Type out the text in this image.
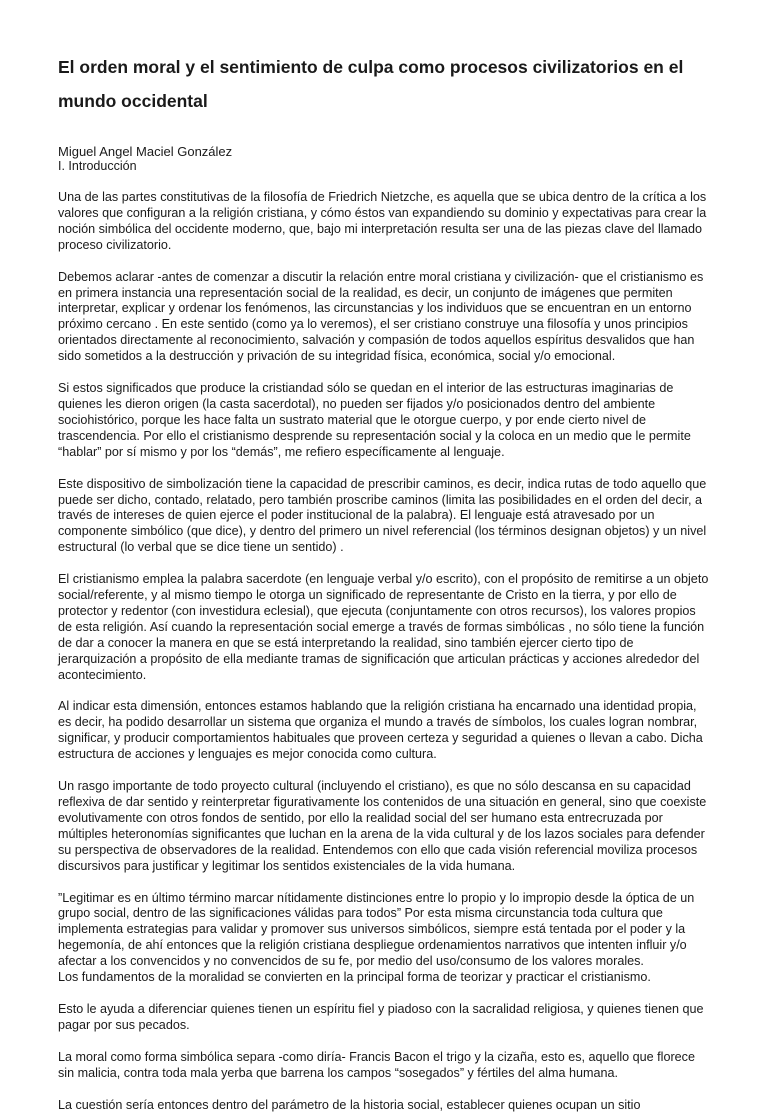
El orden moral y el sentimiento de culpa como procesos civilizatorios en el mundo occidental

Miguel Angel Maciel González

I. Introducción

Una de las partes constitutivas de la filosofía de Friedrich Nietzche, es aquella que se ubica dentro de la crítica a los valores que configuran a la religión cristiana, y cómo éstos van expandiendo su dominio y expectativas para crear la noción simbólica del occidente moderno, que, bajo mi interpretación resulta ser una de las piezas clave del llamado proceso civilizatorio.

Debemos aclarar -antes de comenzar a discutir la relación entre moral cristiana y civilización- que el cristianismo es en primera instancia una representación social de la realidad, es decir, un conjunto de imágenes que permiten interpretar, explicar y ordenar los fenómenos, las circunstancias y los individuos que se encuentran en un entorno próximo cercano . En este sentido (como ya lo veremos), el ser cristiano construye una filosofía y unos principios orientados directamente al reconocimiento, salvación y compasión de todos aquellos espíritus desvalidos que han sido sometidos a la destrucción y privación de su integridad física, económica, social y/o emocional.

Si estos significados que produce la cristiandad sólo se quedan en el interior de las estructuras imaginarias de quienes les dieron origen (la casta sacerdotal), no pueden ser fijados y/o posicionados dentro del ambiente sociohistórico, porque les hace falta un sustrato material que le otorgue cuerpo, y por ende cierto nivel de trascendencia. Por ello el cristianismo desprende su representación social y la coloca en un medio que le permite “hablar” por sí mismo y por los “demás”, me refiero específicamente al lenguaje.

Este dispositivo de simbolización tiene la capacidad de prescribir caminos, es decir, indica rutas de todo aquello que puede ser dicho, contado, relatado, pero también proscribe caminos (limita las posibilidades en el orden del decir, a través de intereses de quien ejerce el poder institucional de la palabra). El lenguaje está atravesado por un componente simbólico (que dice), y dentro del primero un nivel referencial (los términos designan objetos) y un nivel estructural (lo verbal que se dice tiene un sentido) .

El cristianismo emplea la palabra sacerdote (en lenguaje verbal y/o escrito), con el propósito de remitirse a un objeto social/referente, y al mismo tiempo le otorga un significado de representante de Cristo en la tierra, y por ello de protector y redentor (con investidura eclesial), que ejecuta (conjuntamente con otros recursos), los valores propios de esta religión. Así cuando la representación social emerge a través de formas simbólicas , no sólo tiene la función de dar a conocer la manera en que se está interpretando la realidad, sino también ejercer cierto tipo de jerarquización a propósito de ella mediante tramas de significación que articulan prácticas y acciones alrededor del acontecimiento.

Al indicar esta dimensión, entonces estamos hablando que la religión cristiana ha encarnado una identidad propia, es decir, ha podido desarrollar un sistema que organiza el mundo a través de símbolos, los cuales logran nombrar, significar, y producir comportamientos habituales que proveen certeza y seguridad a quienes o llevan a cabo. Dicha estructura de acciones y lenguajes es mejor conocida como cultura.

Un rasgo importante de todo proyecto cultural (incluyendo el cristiano), es que no sólo descansa en su capacidad reflexiva de dar sentido y reinterpretar figurativamente los contenidos de una situación en general, sino que coexiste evolutivamente con otros fondos de sentido, por ello la realidad social del ser humano esta entrecruzada por múltiples heteronomías significantes que luchan en la arena de la vida cultural y de los lazos sociales para defender su perspectiva de observadores de la realidad. Entendemos con ello que cada visión referencial moviliza procesos discursivos para justificar y legitimar los sentidos existenciales de la vida humana.

”Legitimar es en último término marcar nítidamente distinciones entre lo propio y lo impropio desde la óptica de un
grupo social, dentro de las significaciones válidas para todos” Por esta misma circunstancia toda cultura que
implementa estrategias para validar y promover sus universos simbólicos, siempre está tentada por el poder y la
hegemonía, de ahí entonces que la religión cristiana despliegue ordenamientos narrativos que intenten influir y/o
afectar a los convencidos y no convencidos de su fe, por medio del uso/consumo de los valores morales.
Los fundamentos de la moralidad se convierten en la principal forma de teorizar y practicar el cristianismo.

Esto le ayuda a diferenciar quienes tienen un espíritu fiel y piadoso con la sacralidad religiosa, y quienes tienen que pagar por sus pecados.

La moral como forma simbólica separa -como diría- Francis Bacon el trigo y la cizaña, esto es, aquello que florece sin malicia, contra toda mala yerba que barrena los campos “sosegados” y fértiles del alma humana.

La cuestión sería entonces dentro del parámetro de la historia social, establecer quienes ocupan un sitio
